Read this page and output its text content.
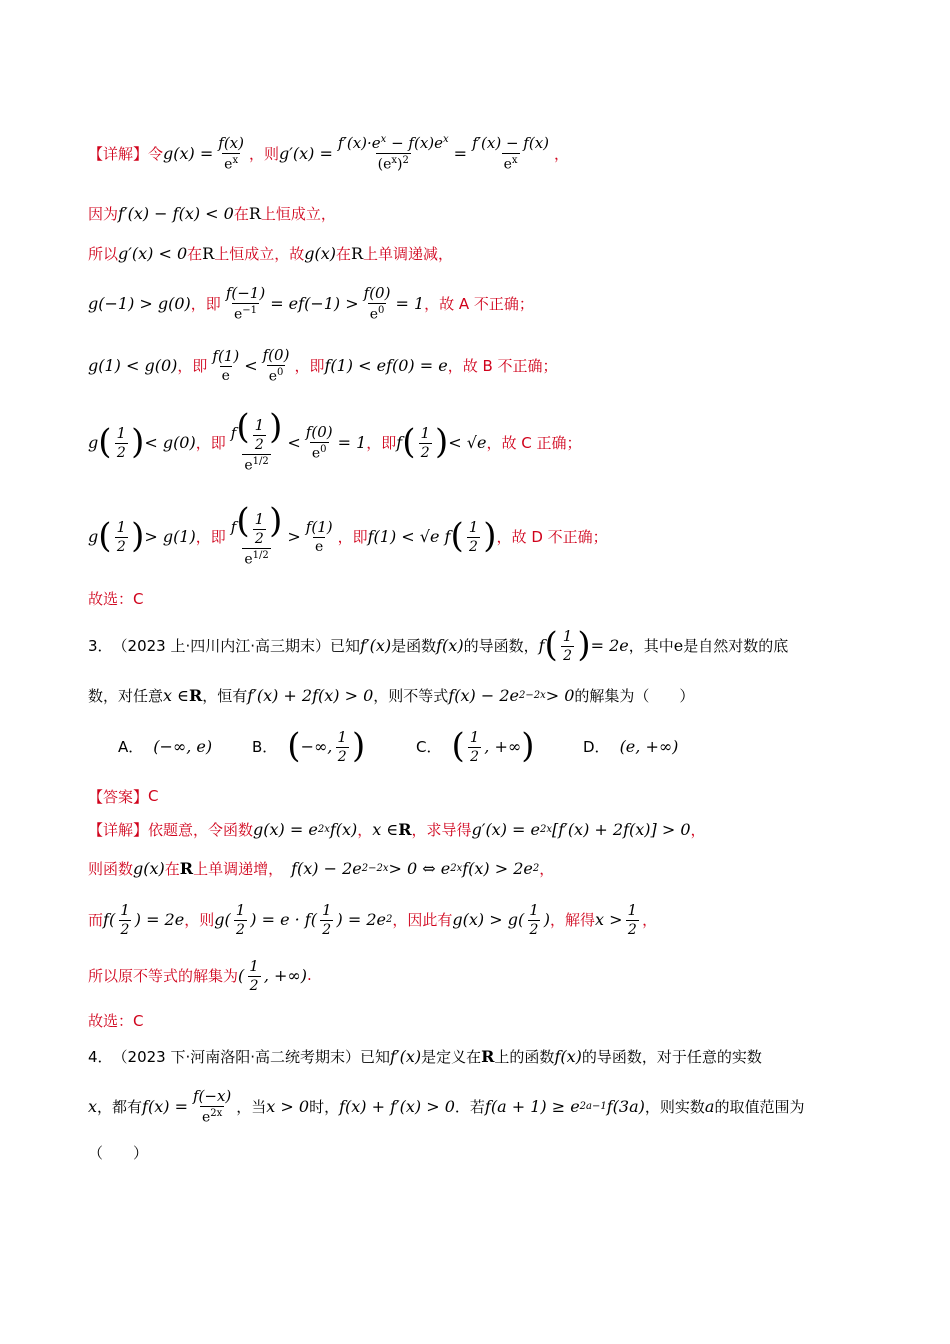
【详解】 令 $g(x) = \frac{f(x)}{e^x}$ ，则 $g'(x) = \frac{f'(x)\cdot e^x - f(x)e^x}{(e^x)^2} = \frac{f'(x) - f(x)}{e^x}$ ，
因为 f′(x) − f(x) < 0 在 R 上恒成立，
所以 g′(x) < 0 在 R 上恒成立，故 g(x) 在 R 上单调递减，
g(−1) > g(0) ，即 $\frac{f(-1)}{e^{-1}} = ef(-1) > \frac{f(0)}{e^0} = 1$ ，故 A 不正确；
g(1) < g(0) ，即 $\frac{f(1)}{e} < \frac{f(0)}{e^0}$ ，即 f(1) < ef(0) = e ，故 B 不正确；
g ( $\frac{1}{2}$ ) < g(0) ，即 $\frac{f( \frac{1}{2} )}{e^{1/2}} < \frac{f(0)}{e^0} = 1$ ，即 f ( $\frac{1}{2}$ ) < √e ，故 C 正确；
g ( $\frac{1}{2}$ ) > g(1) ，即 $\frac{f( \frac{1}{2} )}{e^{1/2}} > \frac{f(1)}{e}$ ，即 f(1) < √e f ( $\frac{1}{2}$ ) ，故 D 不正确；
故选：C
3． （2023 上·四川内江·高三期末） 已知 f′(x) 是函数 f(x) 的导函数， f ( $\frac{1}{2}$ ) = 2e ，其中 e 是自然对数的底
数，对任意 x ∈ R ，恒有 f′(x) + 2f(x) > 0 ，则不等式 f(x) − 2e 2−2x > 0 的解集为（　　）
A． (−∞, e)	B． ( −∞, $\frac{1}{2}$ )	C． ( $\frac{1}{2}$ , +∞ )	D． (e, +∞)
【答案】 C
【详解】 依题意，令函数 g(x) = e 2x f(x) ， x ∈ R ，求导得 g′(x) = e 2x [f′(x) + 2f(x)] > 0 ，
则函数 g(x) 在 R 上单调递增， f(x) − 2e 2−2x > 0 ⇔ e 2x f(x) > 2e 2 ，
而 $f( \frac{1}{2}$ ) = 2e ，则 $g( \frac{1}{2}$ ) = $e \cdot f( \frac{1}{2}$ ) = 2e 2 ，因此有 $g(x) > g( \frac{1}{2}$ ) ，解得 $x > \frac{1}{2}$ ，
所以原不等式的解集为 ( $\frac{1}{2}$ , +∞) .
故选：C
4． （2023 下·河南洛阳·高二统考期末） 已知 f′(x) 是定义在 R 上的函数 f(x) 的导函数，对于任意的实数
x ，都有 $f(x) = \frac{f(-x)}{e^{2x}}$ ，当 x > 0 时， f(x) + f′(x) > 0 ．若 f(a + 1) ≥ e 2a−1 f(3a) ，则实数 a 的取值范围为
（　　）
